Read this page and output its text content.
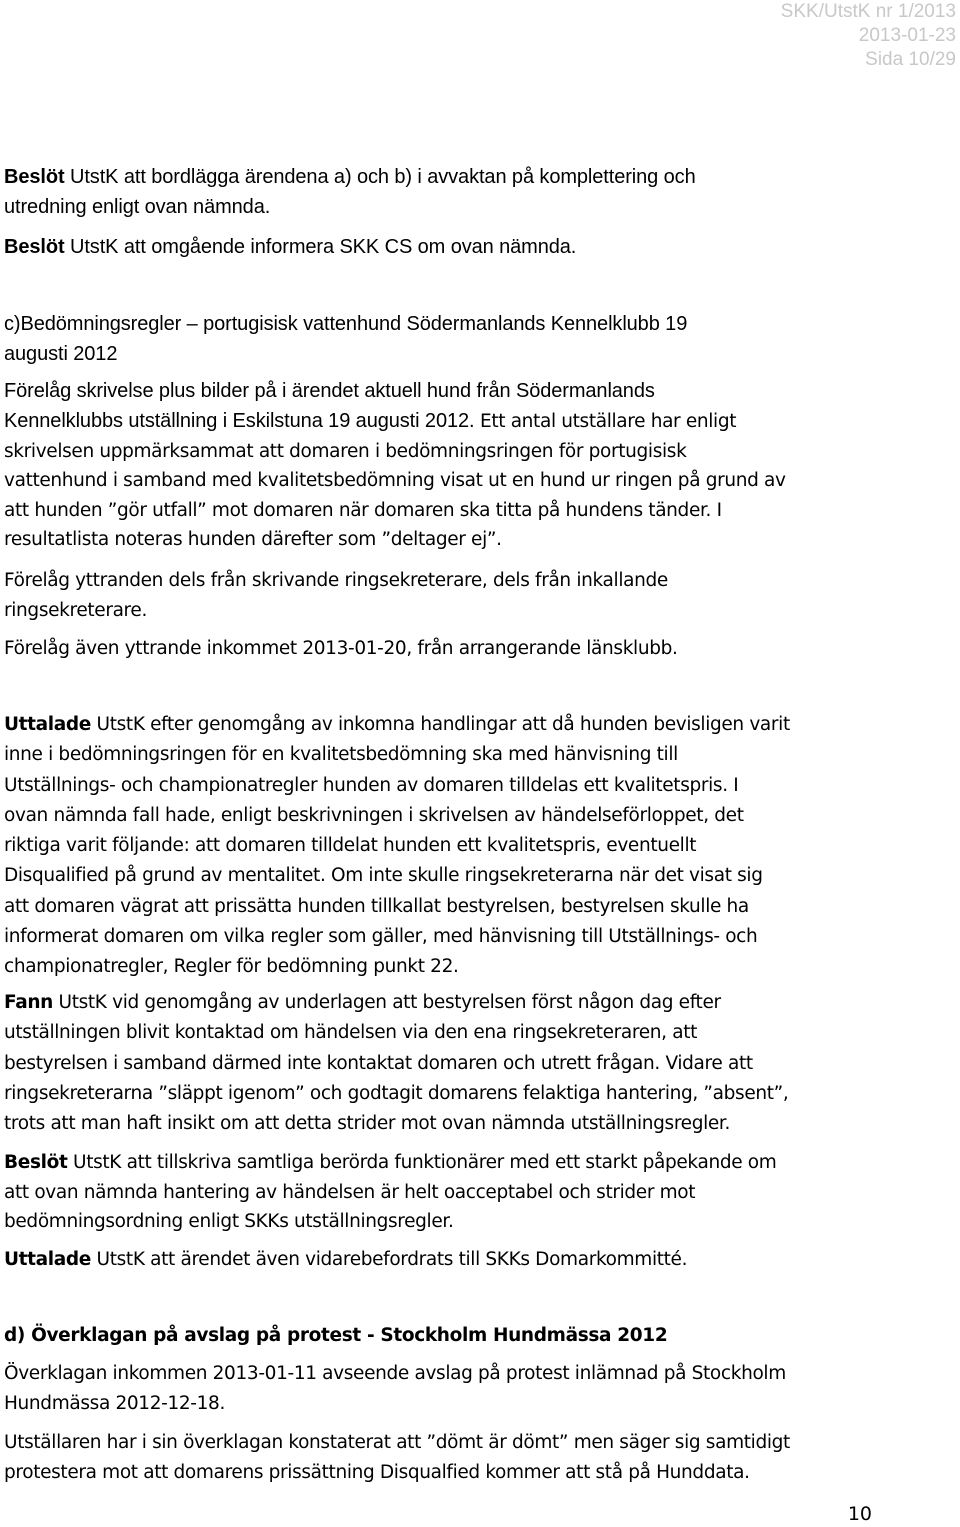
SKK/UtstK nr 1/2013
2013-01-23
Sida 10/29

Beslöt UtstK att bordlägga ärendena a) och b) i avvaktan på komplettering och
utredning enligt ovan nämnda.

Beslöt UtstK att omgående informera SKK CS om ovan nämnda.

c)Bedömningsregler – portugisisk vattenhund Södermanlands Kennelklubb 19
augusti 2012

Förelåg skrivelse plus bilder på i ärendet aktuell hund från Södermanlands
Kennelklubbs utställning i Eskilstuna 19 augusti 2012. Ett antal utställare har enligt
skrivelsen uppmärksammat att domaren i bedömningsringen för portugisisk
vattenhund i samband med kvalitetsbedömning visat ut en hund ur ringen på grund av
att hunden ”gör utfall” mot domaren när domaren ska titta på hundens tänder. I
resultatlista noteras hunden därefter som ”deltager ej”.

Förelåg yttranden dels från skrivande ringsekreterare, dels från inkallande
ringsekreterare.

Förelåg även yttrande inkommet 2013-01-20, från arrangerande länsklubb.

Uttalade UtstK efter genomgång av inkomna handlingar att då hunden bevisligen varit
inne i bedömningsringen för en kvalitetsbedömning ska med hänvisning till
Utställnings- och championatregler hunden av domaren tilldelas ett kvalitetspris. I
ovan nämnda fall hade, enligt beskrivningen i skrivelsen av händelseförloppet, det
riktiga varit följande: att domaren tilldelat hunden ett kvalitetspris, eventuellt
Disqualified på grund av mentalitet. Om inte skulle ringsekreterarna när det visat sig
att domaren vägrat att prissätta hunden tillkallat bestyrelsen, bestyrelsen skulle ha
informerat domaren om vilka regler som gäller, med hänvisning till Utställnings- och
championatregler, Regler för bedömning punkt 22.

Fann UtstK vid genomgång av underlagen att bestyrelsen först någon dag efter
utställningen blivit kontaktad om händelsen via den ena ringsekreteraren, att
bestyrelsen i samband därmed inte kontaktat domaren och utrett frågan. Vidare att
ringsekreterarna ”släppt igenom” och godtagit domarens felaktiga hantering, ”absent”,
trots att man haft insikt om att detta strider mot ovan nämnda utställningsregler.

Beslöt UtstK att tillskriva samtliga berörda funktionärer med ett starkt påpekande om
att ovan nämnda hantering av händelsen är helt oacceptabel och strider mot
bedömningsordning enligt SKKs utställningsregler.

Uttalade UtstK att ärendet även vidarebefordrats till SKKs Domarkommitté.

d) Överklagan på avslag på protest - Stockholm Hundmässa 2012

Överklagan inkommen 2013-01-11 avseende avslag på protest inlämnad på Stockholm
Hundmässa 2012-12-18.

Utställaren har i sin överklagan konstaterat att ”dömt är dömt” men säger sig samtidigt
protestera mot att domarens prissättning Disqualfied kommer att stå på Hunddata.

10
